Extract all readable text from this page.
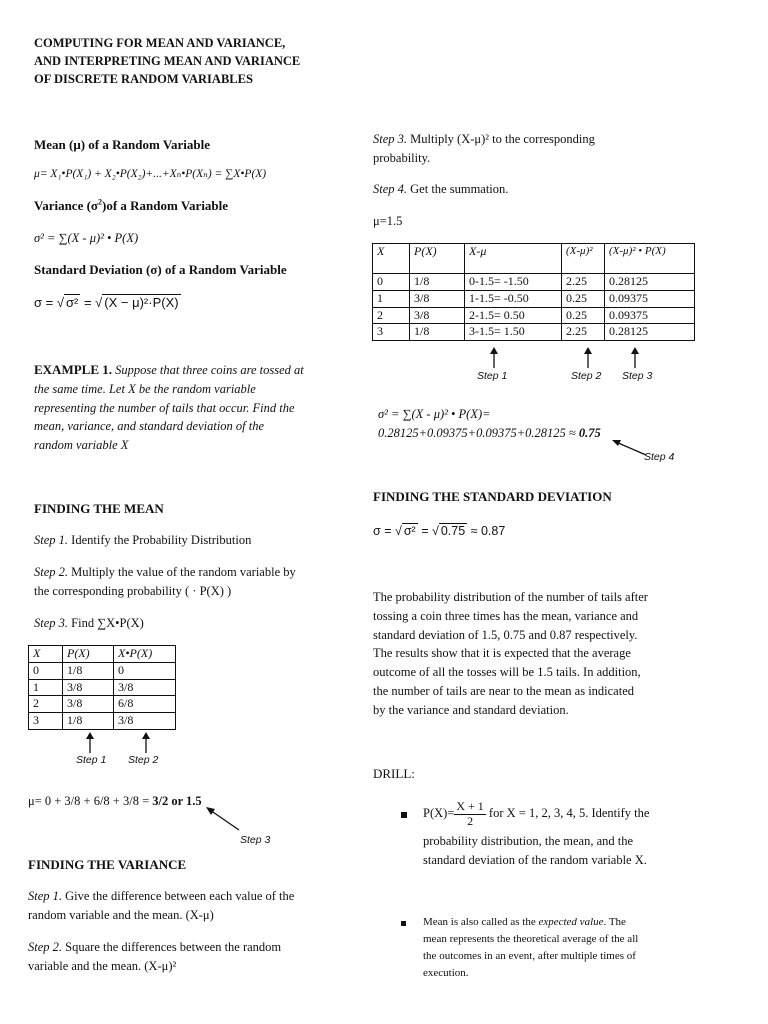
COMPUTING FOR MEAN AND VARIANCE,
AND INTERPRETING MEAN AND VARIANCE
OF DISCRETE RANDOM VARIABLES
Mean (μ) of a Random Variable
μ= X₁•P(X₁) + X₂•P(X₂)+...+Xₙ•P(Xₙ) = ∑X•P(X)
Variance $(\sigma^2)of$ a Random Variable
σ² = ∑(X - μ)² • P(X)
Standard Deviation (σ) of a Random Variable
σ = √ σ² = √ (X − μ)²·P(X)
EXAMPLE 1. Suppose that three coins are tossed at
the same time. Let X be the random variable
representing the number of tails that occur. Find the
mean, variance, and standard deviation of the
random variable X
FINDING THE MEAN
Step 1. Identify the Probability Distribution
Step 2. Multiply the value of the random variable by
the corresponding probability ( · P(X) )
Step 3. Find ∑X•P(X)
X	P(X)	X•P(X)
0	1/8	0
1	3/8	3/8
2	3/8	6/8
3	1/8	3/8
Step 1 Step 2
μ= 0 + 3/8 + 6/8 + 3/8 = 3/2 or 1.5
Step 3
FINDING THE VARIANCE
Step 1. Give the difference between each value of the
random variable and the mean. (X-μ)
Step 2. Square the differences between the random
variable and the mean. (X-μ)²
Step 3. Multiply (X-μ)² to the corresponding
probability.
Step 4. Get the summation.
μ=1.5
X	P(X)	X-μ	(X-μ)²	(X-μ)² • P(X)
0	1/8	0-1.5= -1.50	2.25	0.28125
1	3/8	1-1.5= -0.50	0.25	0.09375
2	3/8	2-1.5= 0.50	0.25	0.09375
3	1/8	3-1.5= 1.50	2.25	0.28125
Step 1	Step 2 Step 3
σ² = ∑(X - μ)² • P(X)=
0.28125+0.09375+0.09375+0.28125 ≈ 0.75
Step 4
FINDING THE STANDARD DEVIATION
σ = √ σ² = √ 0.75 ≈ 0.87
The probability distribution of the number of tails after
tossing a coin three times has the mean, variance and
standard deviation of 1.5, 0.75 and 0.87 respectively.
The results show that it is expected that the average
outcome of all the tosses will be 1.5 tails. In addition,
the number of tails are near to the mean as indicated
by the variance and standard deviation.
DRILL:
$P(X)= \frac{X + 1}{2}$ for X = 1, 2, 3, 4, 5. Identify the
probability distribution, the mean, and the
standard deviation of the random variable X.
Mean is also called as the expected value. The
mean represents the theoretical average of the all
the outcomes in an event, after multiple times of
execution.
